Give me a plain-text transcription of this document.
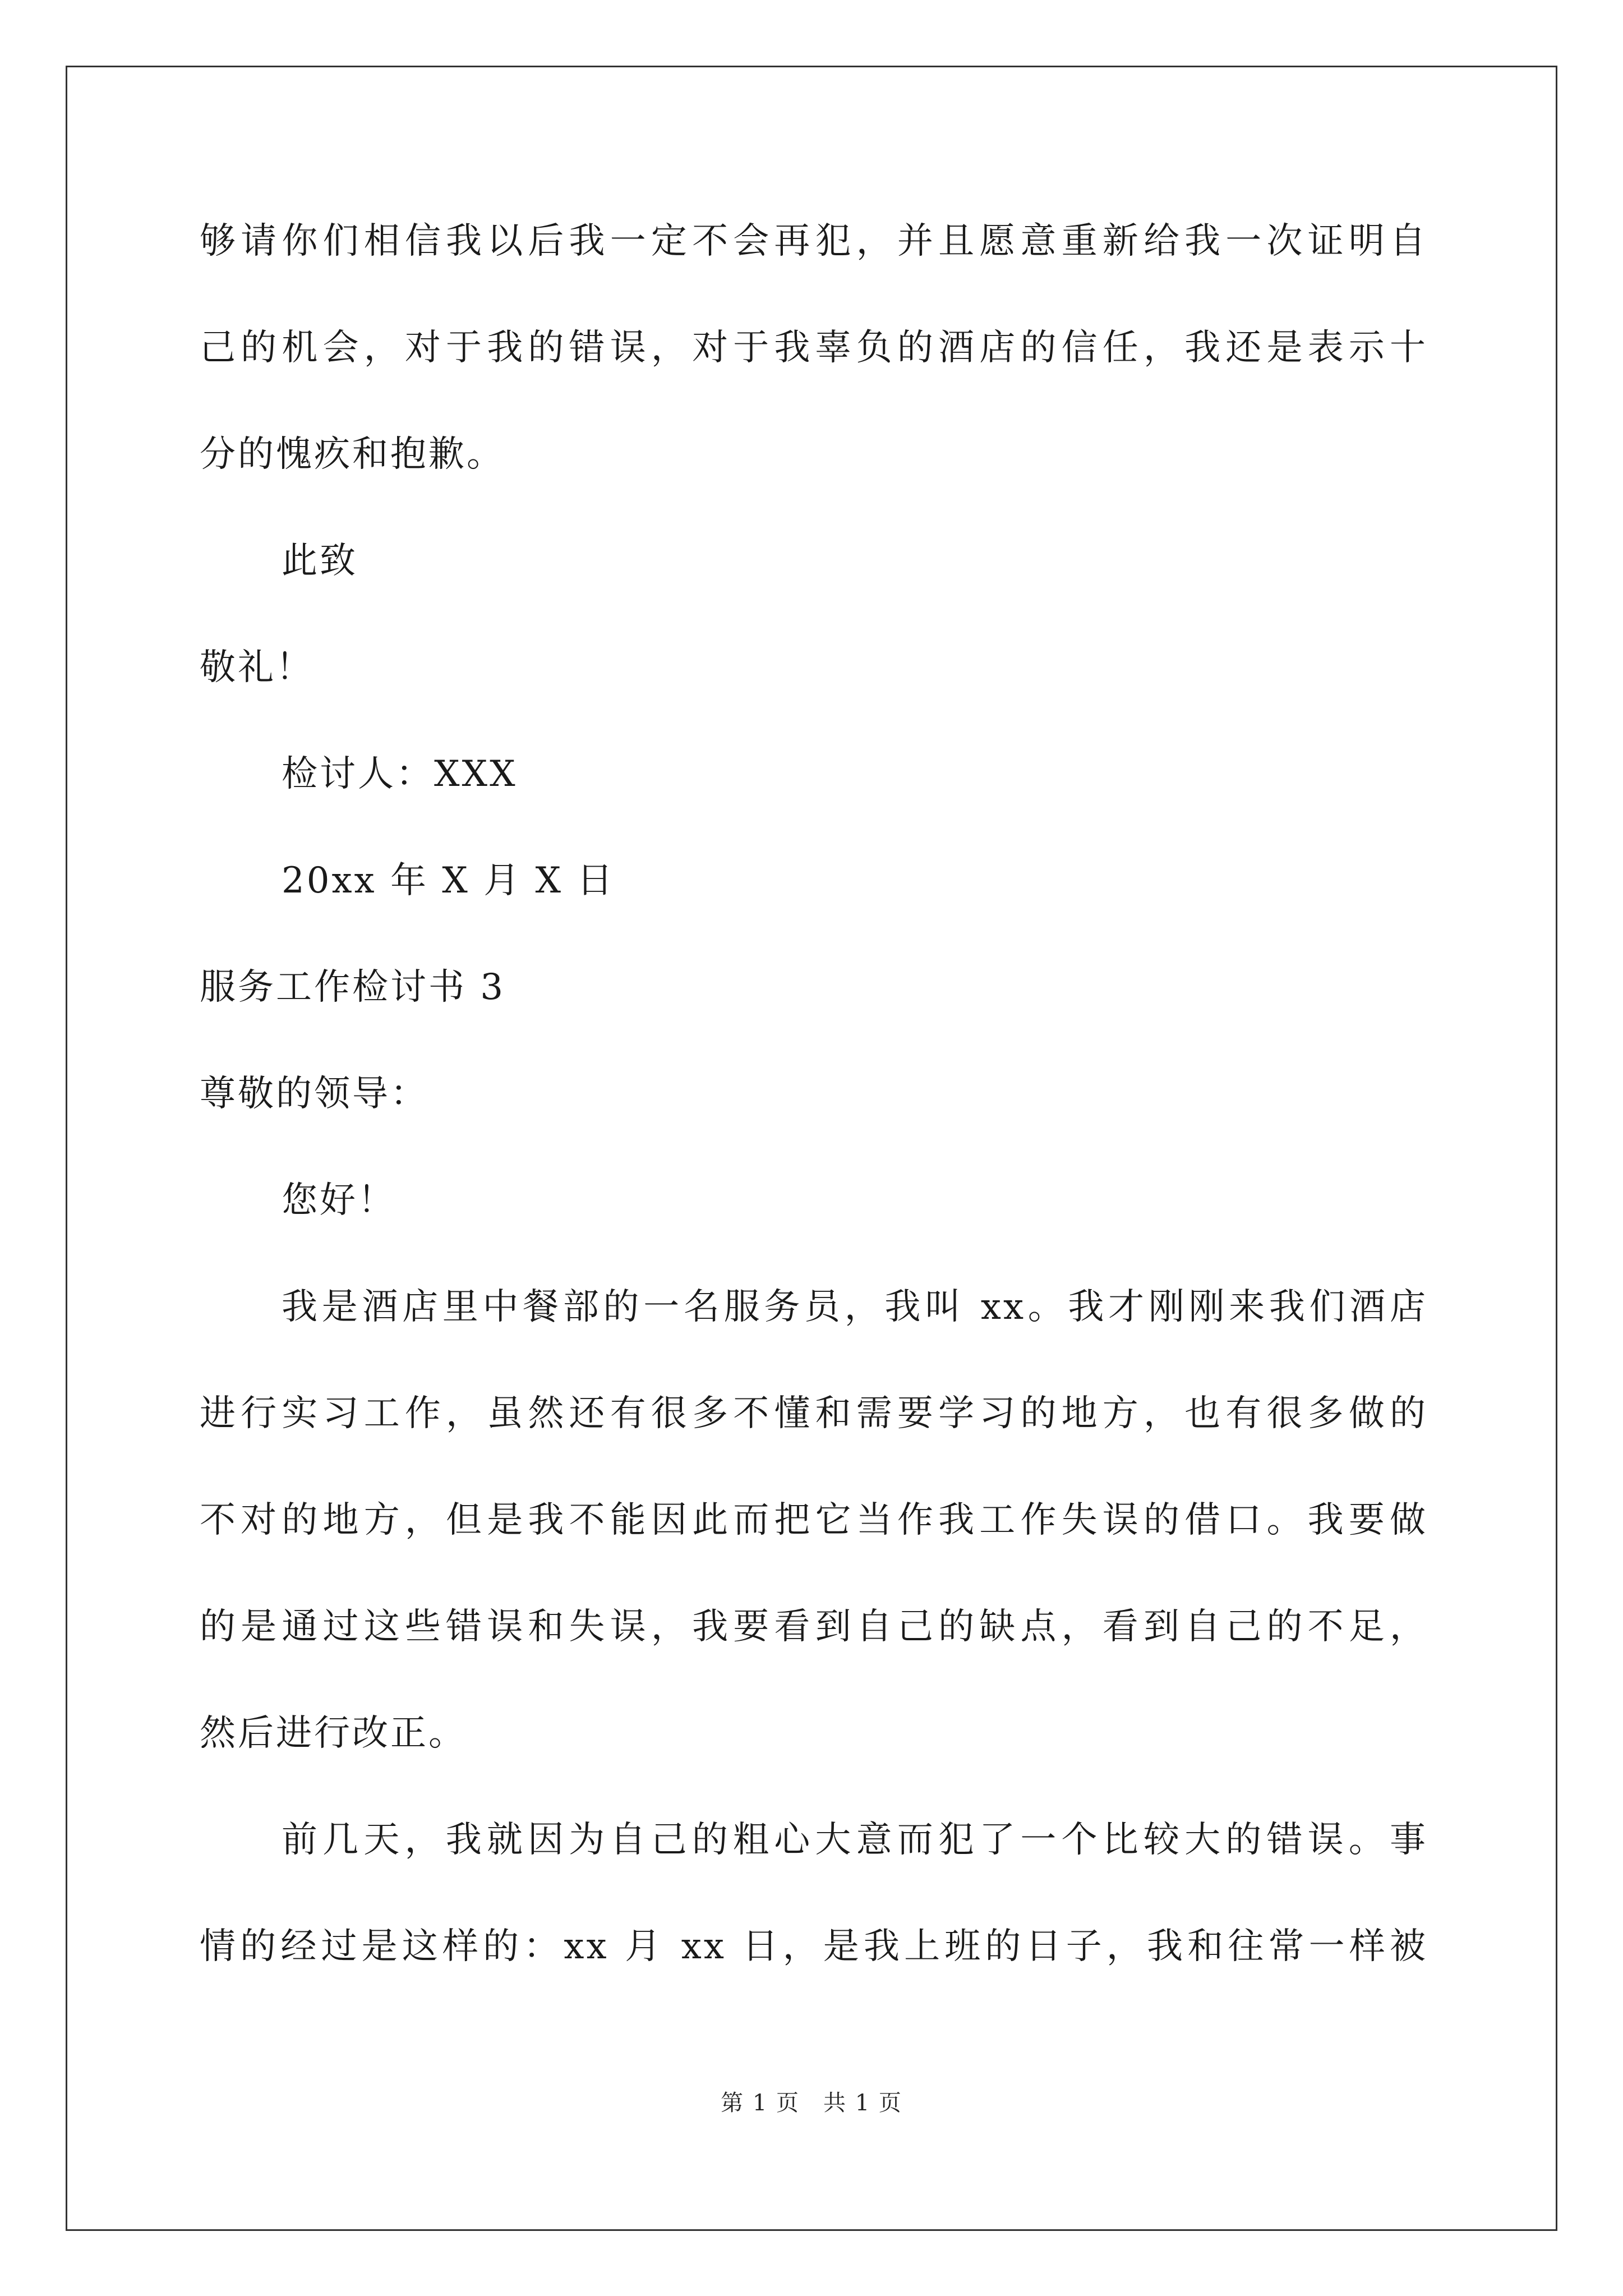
够请你们相信我以后我一定不会再犯，并且愿意重新给我一次证明自
己的机会，对于我的错误，对于我辜负的酒店的信任，我还是表示十
分的愧疚和抱歉。
此致
敬礼！
检讨人：XXX
20xx 年 X 月 X 日
服务工作检讨书 3
尊敬的领导：
您好！
我是酒店里中餐部的一名服务员，我叫 xx。我才刚刚来我们酒店
进行实习工作，虽然还有很多不懂和需要学习的地方，也有很多做的
不对的地方，但是我不能因此而把它当作我工作失误的借口。我要做
的是通过这些错误和失误，我要看到自己的缺点，看到自己的不足，
然后进行改正。
前几天，我就因为自己的粗心大意而犯了一个比较大的错误。事
情的经过是这样的：xx 月 xx 日，是我上班的日子，我和往常一样被
第 1 页　共 1 页
